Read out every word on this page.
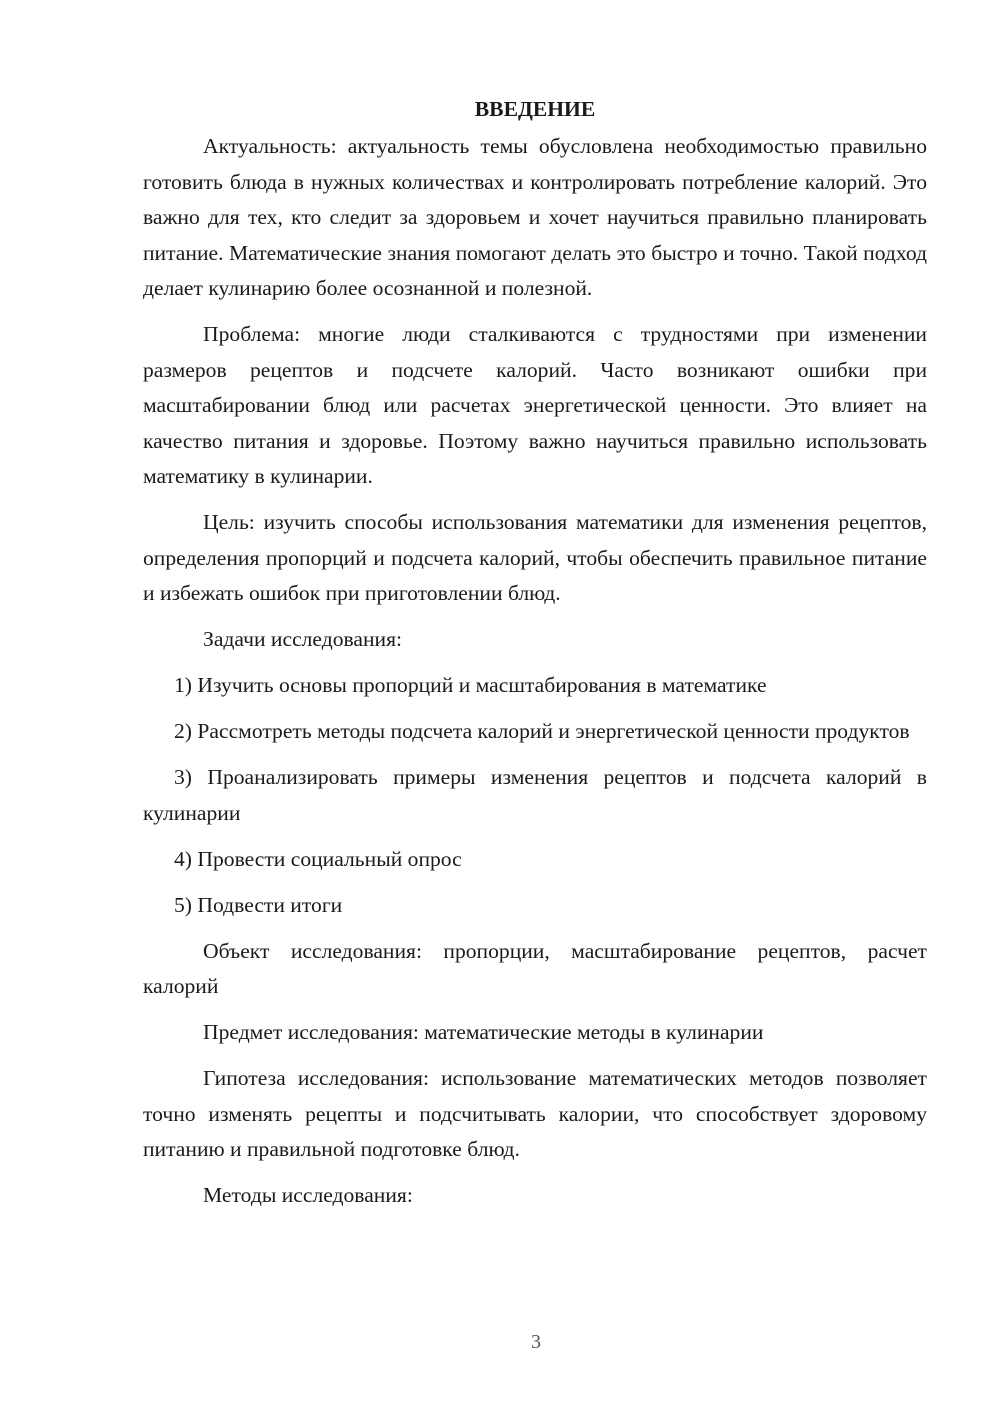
ВВЕДЕНИЕ

Актуальность: актуальность темы обусловлена необходимостью правильно готовить блюда в нужных количествах и контролировать потребление калорий. Это важно для тех, кто следит за здоровьем и хочет научиться правильно планировать питание. Математические знания помогают делать это быстро и точно. Такой подход делает кулинарию более осознанной и полезной.

Проблема: многие люди сталкиваются с трудностями при изменении размеров рецептов и подсчете калорий. Часто возникают ошибки при масштабировании блюд или расчетах энергетической ценности. Это влияет на качество питания и здоровье. Поэтому важно научиться правильно использовать математику в кулинарии.

Цель: изучить способы использования математики для изменения рецептов, определения пропорций и подсчета калорий, чтобы обеспечить правильное питание и избежать ошибок при приготовлении блюд.

Задачи исследования:

1) Изучить основы пропорций и масштабирования в математике

2) Рассмотреть методы подсчета калорий и энергетической ценности продуктов

3) Проанализировать примеры изменения рецептов и подсчета калорий в кулинарии

4) Провести социальный опрос

5) Подвести итоги

Объект исследования: пропорции, масштабирование рецептов, расчет калорий

Предмет исследования: математические методы в кулинарии

Гипотеза исследования: использование математических методов позволяет точно изменять рецепты и подсчитывать калории, что способствует здоровому питанию и правильной подготовке блюд.

Методы исследования:

3
